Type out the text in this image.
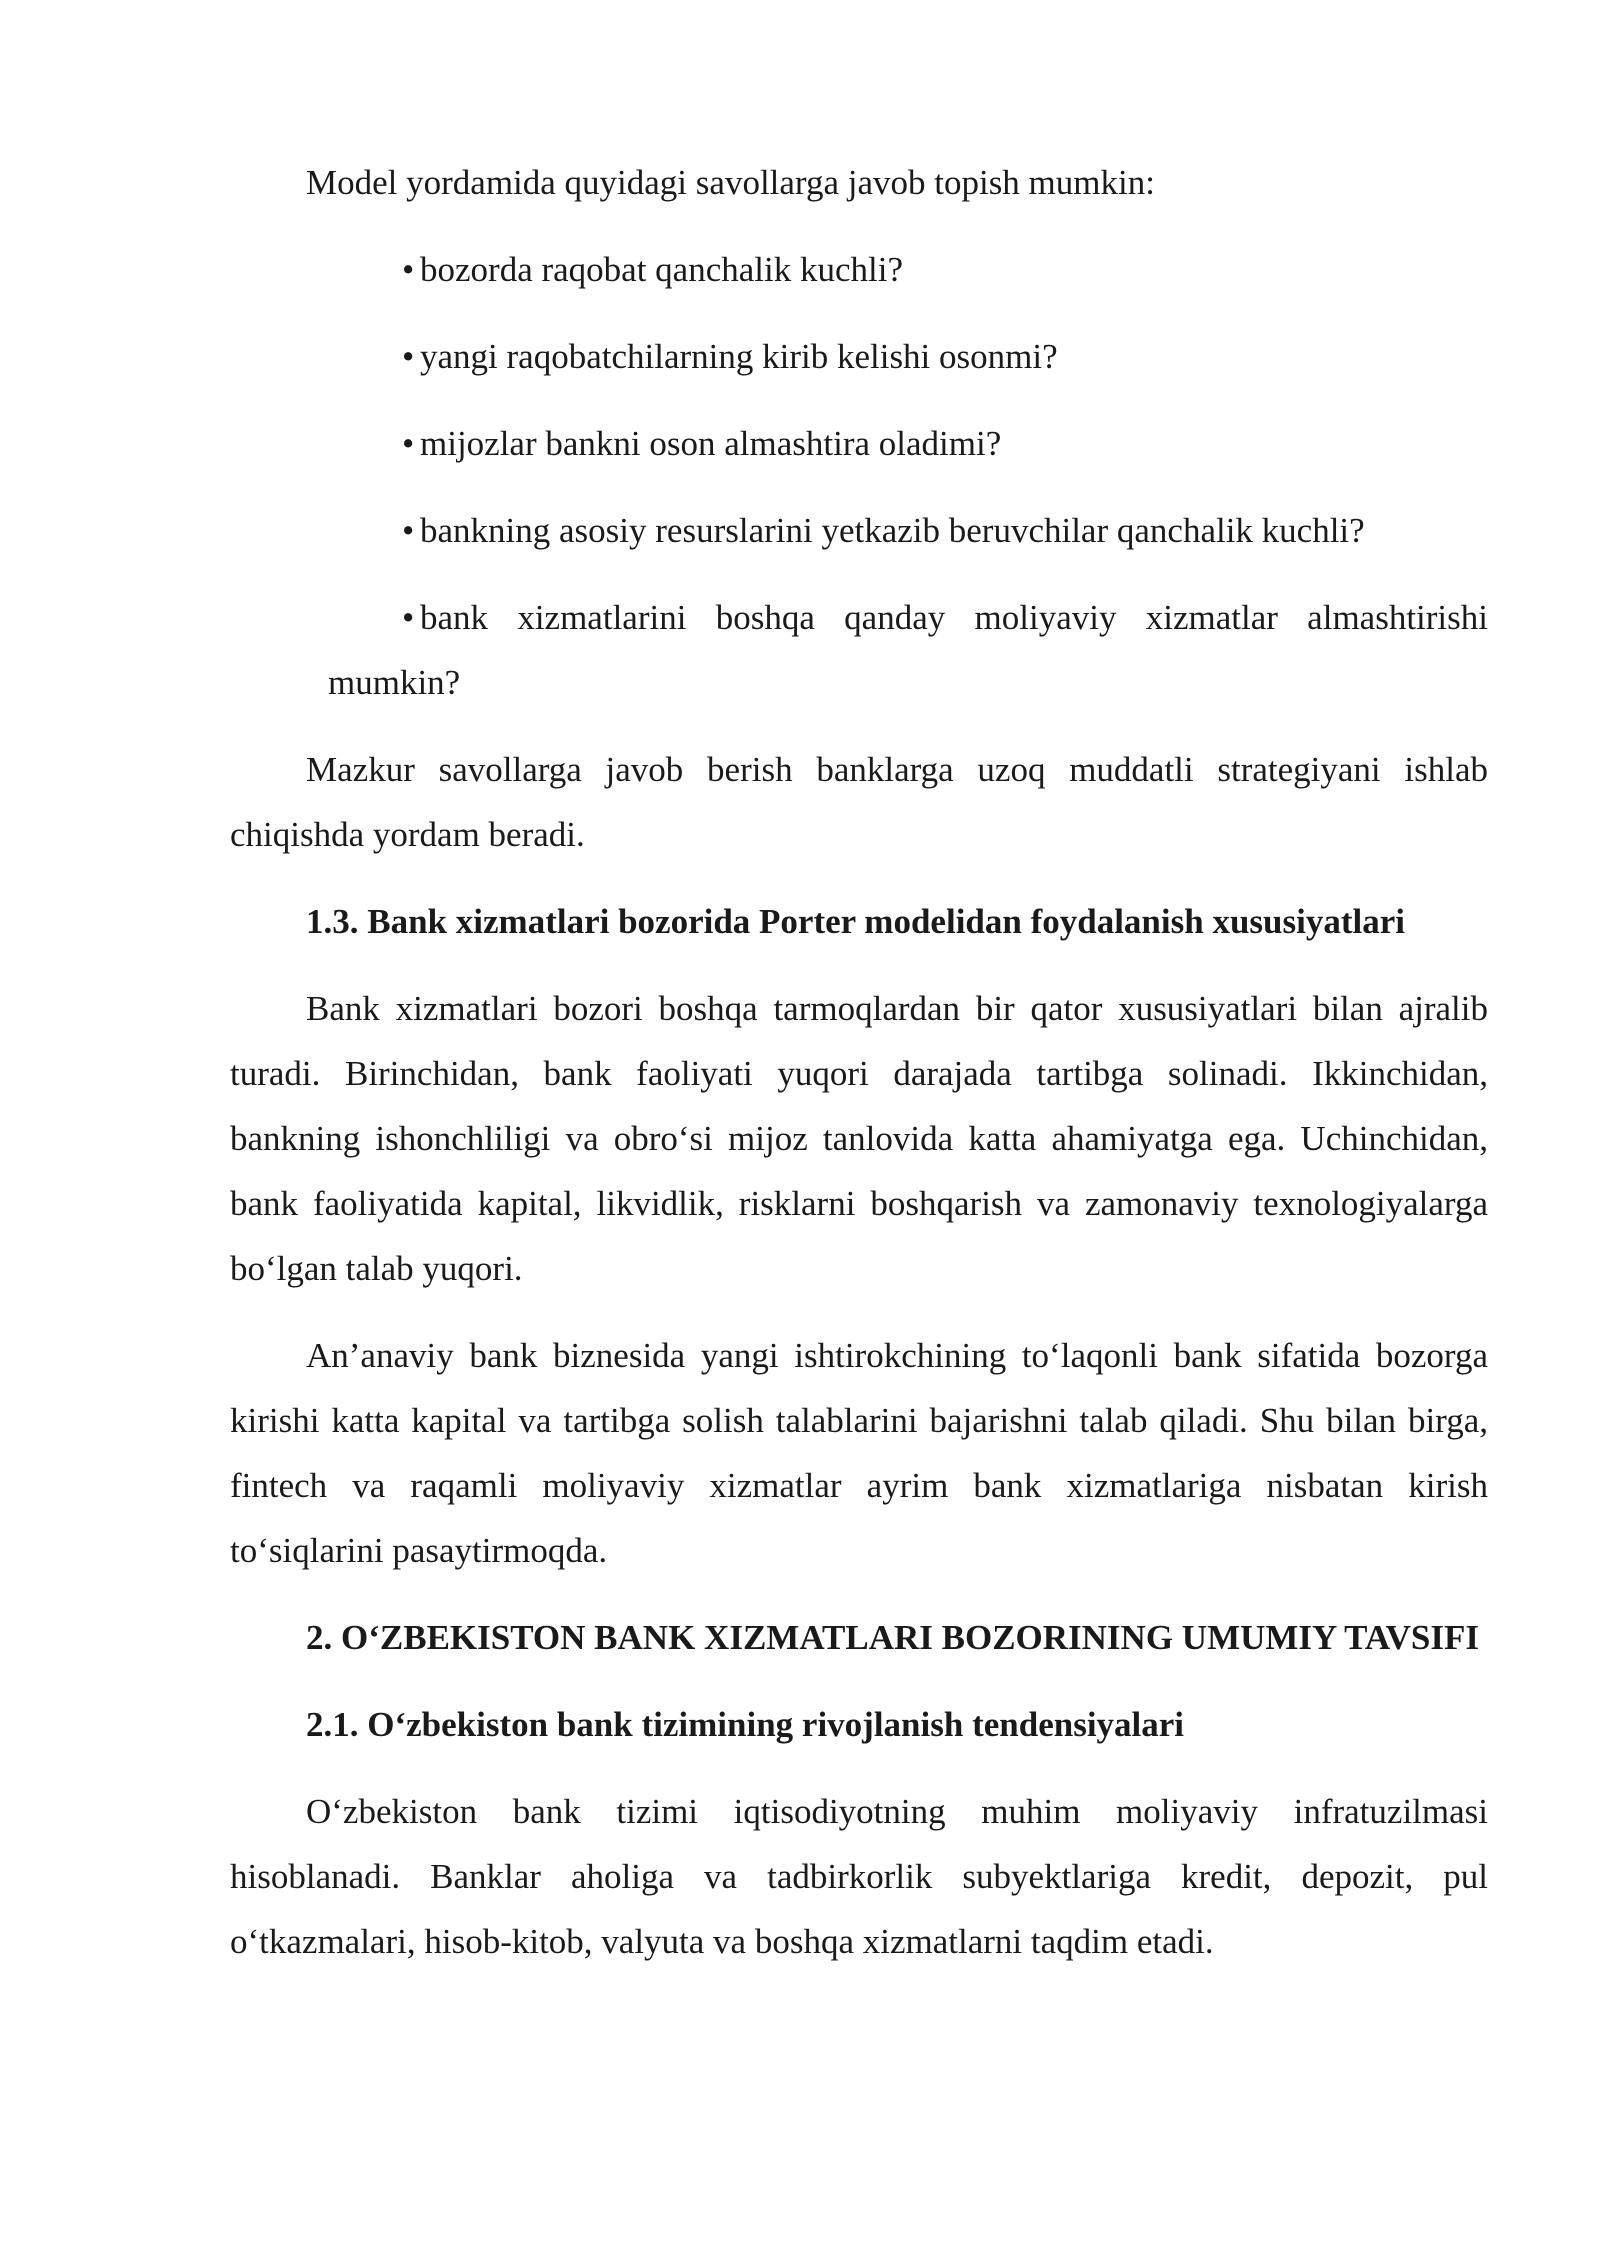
Model yordamida quyidagi savollarga javob topish mumkin:

• bozorda raqobat qanchalik kuchli?
• yangi raqobatchilarning kirib kelishi osonmi?
• mijozlar bankni oson almashtira oladimi?
• bankning asosiy resurslarini yetkazib beruvchilar qanchalik kuchli?
• bank xizmatlarini boshqa qanday moliyaviy xizmatlar almashtirishi mumkin?

Mazkur savollarga javob berish banklarga uzoq muddatli strategiyani ishlab chiqishda yordam beradi.

1.3. Bank xizmatlari bozorida Porter modelidan foydalanish xususiyatlari

Bank xizmatlari bozori boshqa tarmoqlardan bir qator xususiyatlari bilan ajralib turadi. Birinchidan, bank faoliyati yuqori darajada tartibga solinadi. Ikkinchidan, bankning ishonchliligi va obro‘si mijoz tanlovida katta ahamiyatga ega. Uchinchidan, bank faoliyatida kapital, likvidlik, risklarni boshqarish va zamonaviy texnologiyalarga bo‘lgan talab yuqori.

An’anaviy bank biznesida yangi ishtirokchining to‘laqonli bank sifatida bozorga kirishi katta kapital va tartibga solish talablarini bajarishni talab qiladi. Shu bilan birga, fintech va raqamli moliyaviy xizmatlar ayrim bank xizmatlariga nisbatan kirish to‘siqlarini pasaytirmoqda.

2. O‘ZBEKISTON BANK XIZMATLARI BOZORINING UMUMIY TAVSIFI
2.1. O‘zbekiston bank tizimining rivojlanish tendensiyalari

O‘zbekiston bank tizimi iqtisodiyotning muhim moliyaviy infratuzilmasi hisoblanadi. Banklar aholiga va tadbirkorlik subyektlariga kredit, depozit, pul o‘tkazmalari, hisob-kitob, valyuta va boshqa xizmatlarni taqdim etadi.
